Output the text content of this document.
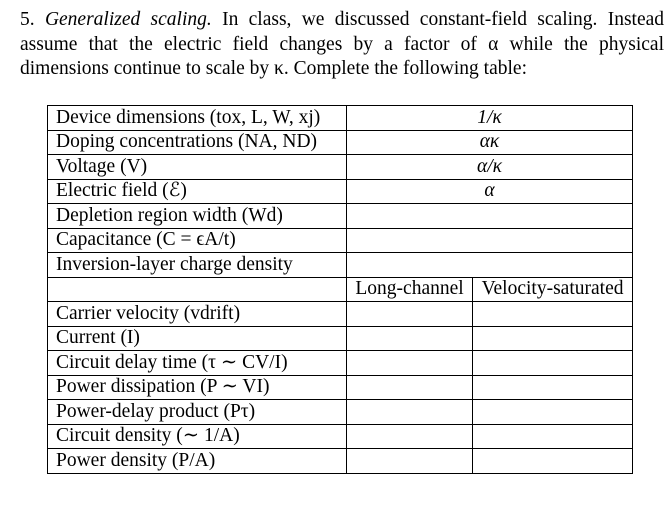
5. Generalized scaling. In class, we discussed constant-field scaling. Instead assume that the electric field changes by a factor of α while the physical dimensions continue to scale by κ. Complete the following table:
Device dimensions (tox, L, W, xj)	1/κ	
Doping concentrations (NA, ND)	ακ	
Voltage (V)	α/κ	
Electric field (ℰ)	α	
Depletion region width (Wd)		
Capacitance (C = ϵA/t)		
Inversion-layer charge density		
	Long-channel	Velocity-saturated
Carrier velocity (vdrift)		
Current (I)		
Circuit delay time (τ ∼ CV/I)		
Power dissipation (P ∼ VI)		
Power-delay product (Pτ)		
Circuit density (∼ 1/A)		
Power density (P/A)		
